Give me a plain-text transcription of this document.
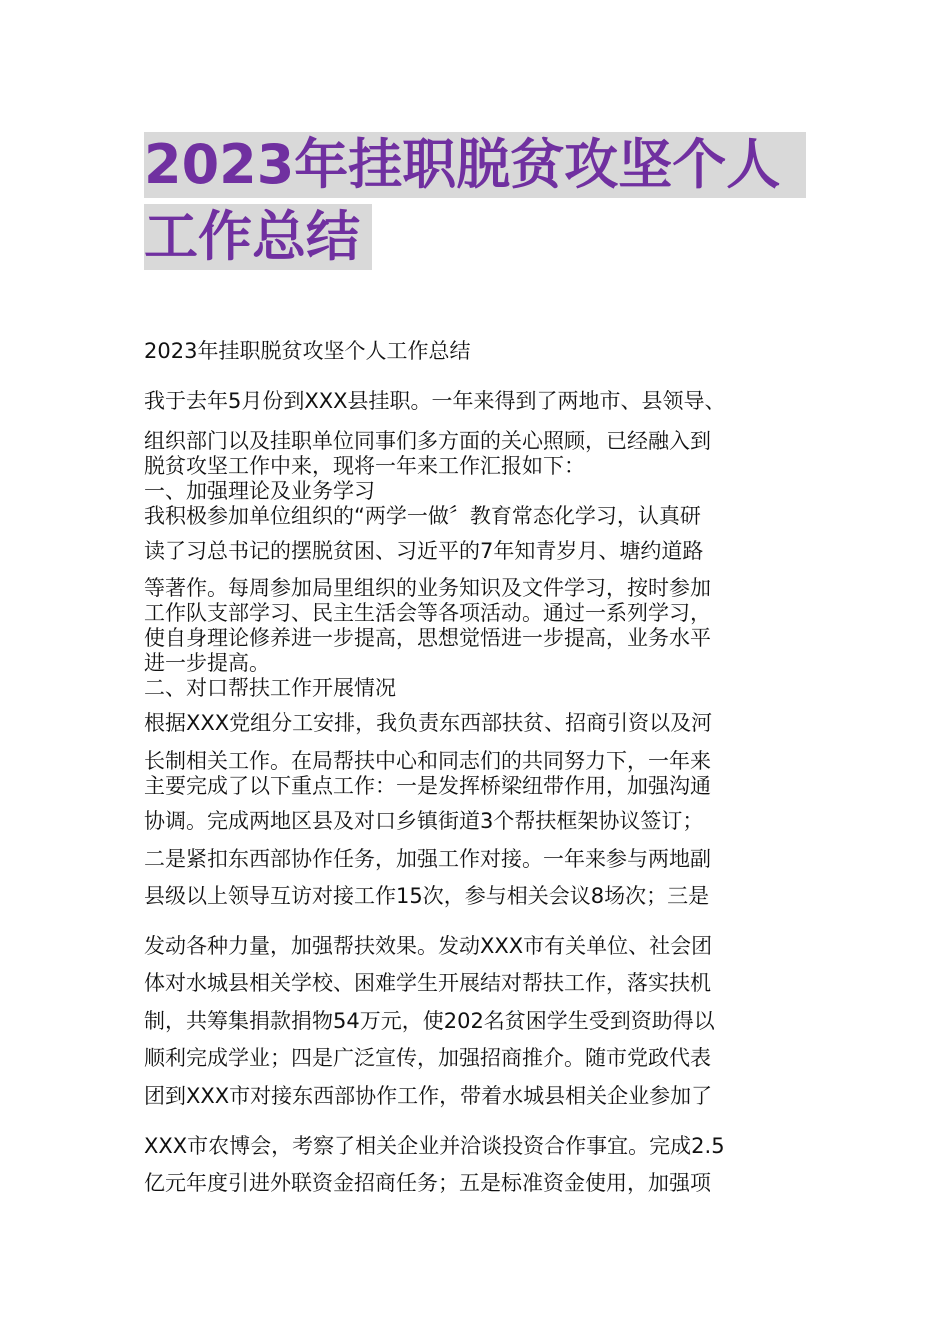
2023年挂职脱贫攻坚个人
工作总结
2023年挂职脱贫攻坚个人工作总结
我于去年5月份到XXX县挂职。一年来得到了两地市、县领导、
组织部门以及挂职单位同事们多方面的关心照顾，已经融入到
脱贫攻坚工作中来，现将一年来工作汇报如下：
一、加强理论及业务学习
我积极参加单位组织的“两学一做〞教育常态化学习，认真研
读了习总书记的摆脱贫困、习近平的7年知青岁月、塘约道路
等著作。每周参加局里组织的业务知识及文件学习，按时参加
工作队支部学习、民主生活会等各项活动。通过一系列学习，
使自身理论修养进一步提高，思想觉悟进一步提高，业务水平
进一步提高。
二、对口帮扶工作开展情况
根据XXX党组分工安排，我负责东西部扶贫、招商引资以及河
长制相关工作。在局帮扶中心和同志们的共同努力下，一年来
主要完成了以下重点工作：一是发挥桥梁纽带作用，加强沟通
协调。完成两地区县及对口乡镇街道3个帮扶框架协议签订；
二是紧扣东西部协作任务，加强工作对接。一年来参与两地副
县级以上领导互访对接工作15次，参与相关会议8场次；三是
发动各种力量，加强帮扶效果。发动XXX市有关单位、社会团
体对水城县相关学校、困难学生开展结对帮扶工作，落实扶机
制，共筹集捐款捐物54万元，使202名贫困学生受到资助得以
顺利完成学业；四是广泛宣传，加强招商推介。随市党政代表
团到XXX市对接东西部协作工作，带着水城县相关企业参加了
XXX市农博会，考察了相关企业并洽谈投资合作事宜。完成2.5
亿元年度引进外联资金招商任务；五是标准资金使用，加强项
